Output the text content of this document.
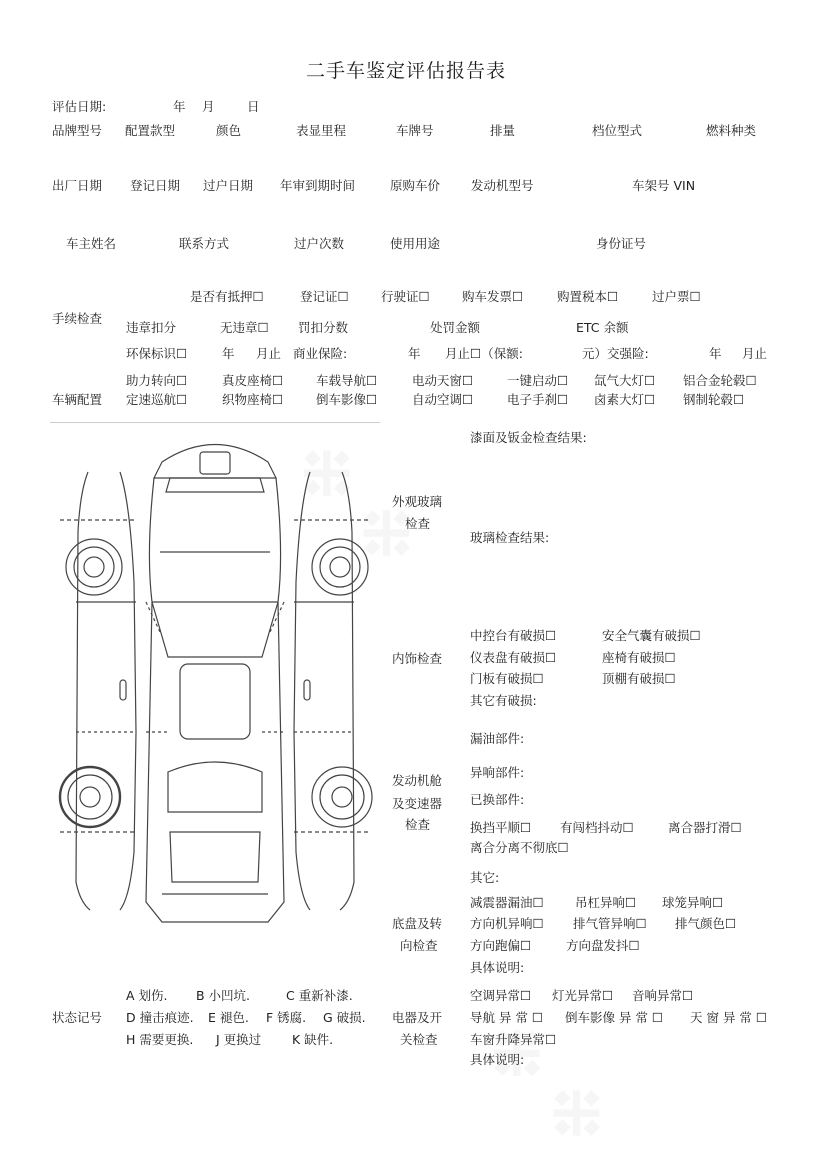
二手车鉴定评估报告表
评估日期:	年 月	日
品牌型号 配置款型	颜色	表显里程	车牌号	排量	档位型式	燃料种类
出厂日期 登记日期 过户日期 年审到期时间	原购车价 发动机型号	车架号 VIN
车主姓名	联系方式	过户次数	使用用途	身份证号
手续检查
是否有抵押☐	登记证☐	行驶证☐	购车发票☐	购置税本☐	过户票☐
违章扣分	无违章☐ 罚扣分数	处罚金额	ETC 余额
环保标识☐	年 月止 商业保险:	年 月止☐（保额:	元）交强险:	年 月止
车辆配置
助力转向☐	真皮座椅☐	车载导航☐	电动天窗☐	一键启动☐ 氙气大灯☐ 铝合金轮毂☐
定速巡航☐	织物座椅☐	倒车影像☐	自动空调☐	电子手刹☐ 卤素大灯☐ 钢制轮毂☐
漆面及钣金检查结果:
外观玻璃
检查
玻璃检查结果:
内饰检查
中控台有破损☐	安全气囊有破损☐
仪表盘有破损☐	座椅有破损☐
门板有破损☐	顶棚有破损☐
其它有破损:
漏油部件:
异响部件:
发动机舱
已换部件:
及变速器
检查	换挡平顺☐ 有闯档抖动☐	离合器打滑☐
离合分离不彻底☐
其它:
减震器漏油☐	吊杠异响☐ 球笼异响☐
底盘及转 方向机异响☐ 排气管异响☐ 排气颜色☐
向检查	方向跑偏☐	方向盘发抖☐
具体说明:
状态记号
A 划伤. B 小凹坑.	C 重新补漆.
D 撞击痕迹. E 褪色. F 锈腐. G 破损.
H 需要更换. J 更换过 K 缺件.
空调异常☐ 灯光异常☐ 音响异常☐
电器及开 导航 异 常 ☐ 倒车影像 异 常 ☐ 天 窗 异 常 ☐
关检查	车窗升降异常☐
具体说明:
